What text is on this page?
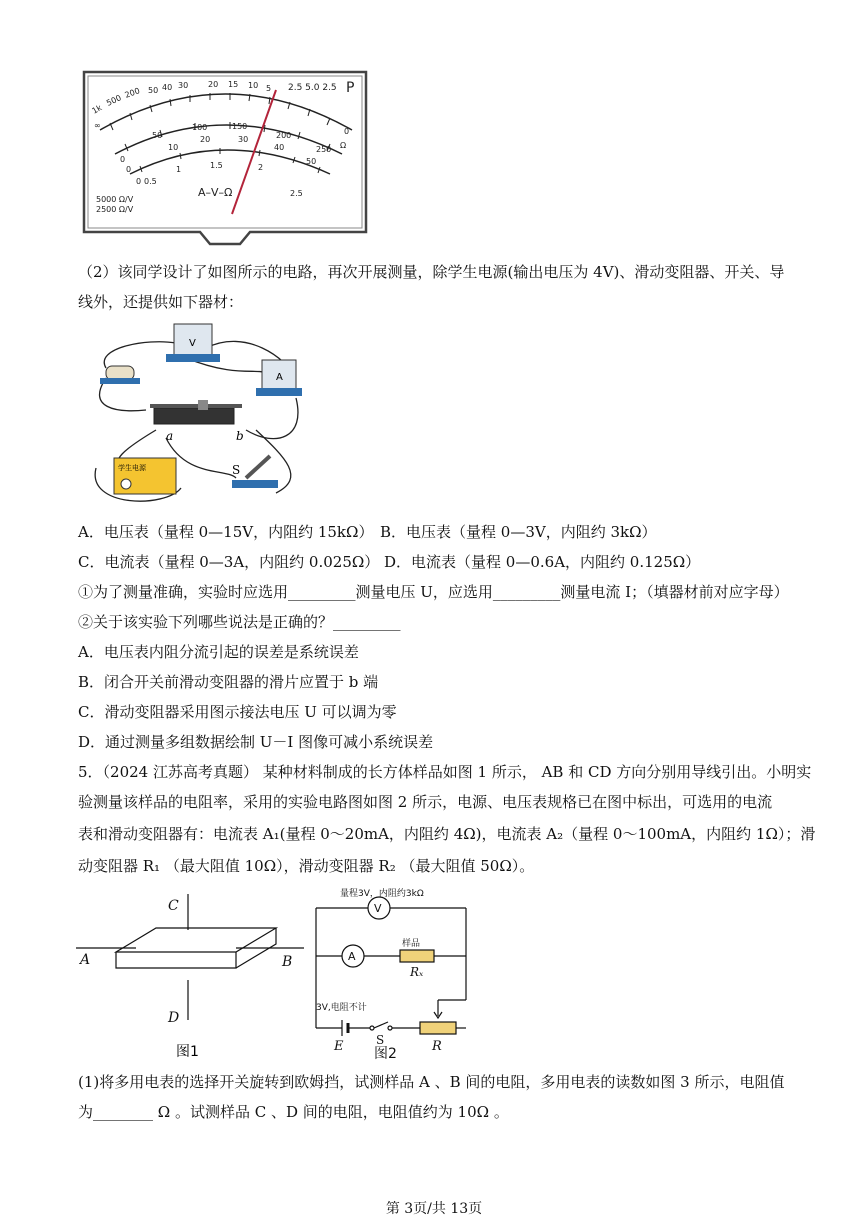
1k
500
200 50 40 30 20 15 10 5
0
Ω
∞
0
50
100	150
200
250
0
10
20	30
40
50
0 0.5
1	1.5	2
2.5
2.5 5.0 2.5 P
A–V–Ω
5000 Ω/V
2500 Ω/V
（2）该同学设计了如图所示的电路，再次开展测量，除学生电源(输出电压为 4V)、滑动变阻器、开关、导
线外，还提供如下器材：
V
A
a	b
学生电源	S
A．电压表（量程 0—15V，内阻约 15kΩ） B．电压表（量程 0—3V，内阻约 3kΩ）
C．电流表（量程 0—3A，内阻约 0.025Ω） D．电流表（量程 0—0.6A，内阻约 0.125Ω）
①为了测量准确，实验时应选用_________测量电压 U，应选用_________测量电流 I；（填器材前对应字母）
②关于该实验下列哪些说法是正确的？_________
A．电压表内阻分流引起的误差是系统误差
B．闭合开关前滑动变阻器的滑片应置于 b 端
C．滑动变阻器采用图示接法电压 U 可以调为零
D．通过测量多组数据绘制 U－I 图像可减小系统误差
5．（2024 江苏高考真题） 某种材料制成的长方体样品如图 1 所示， AB 和 CD 方向分别用导线引出。小明实
验测量该样品的电阻率，采用的实验电路图如图 2 所示，电源、电压表规格已在图中标出，可选用的电流
表和滑动变阻器有：电流表 A₁(量程 0～20mA，内阻约 4Ω)，电流表 A₂（量程 0～100mA，内阻约 1Ω）；滑
动变阻器 R₁ （最大阻值 10Ω），滑动变阻器 R₂ （最大阻值 50Ω）。
C
D
A	B
图1
量程3V，内阻约3kΩ
V
A
样品
Rₓ
3V,电阻不计
E	S	R
图2
(1)将多用电表的选择开关旋转到欧姆挡，试测样品 A 、B 间的电阻，多用电表的读数如图 3 所示，电阻值
为________ Ω 。试测样品 C 、D 间的电阻，电阻值约为 10Ω 。
第 3页/共 13页
